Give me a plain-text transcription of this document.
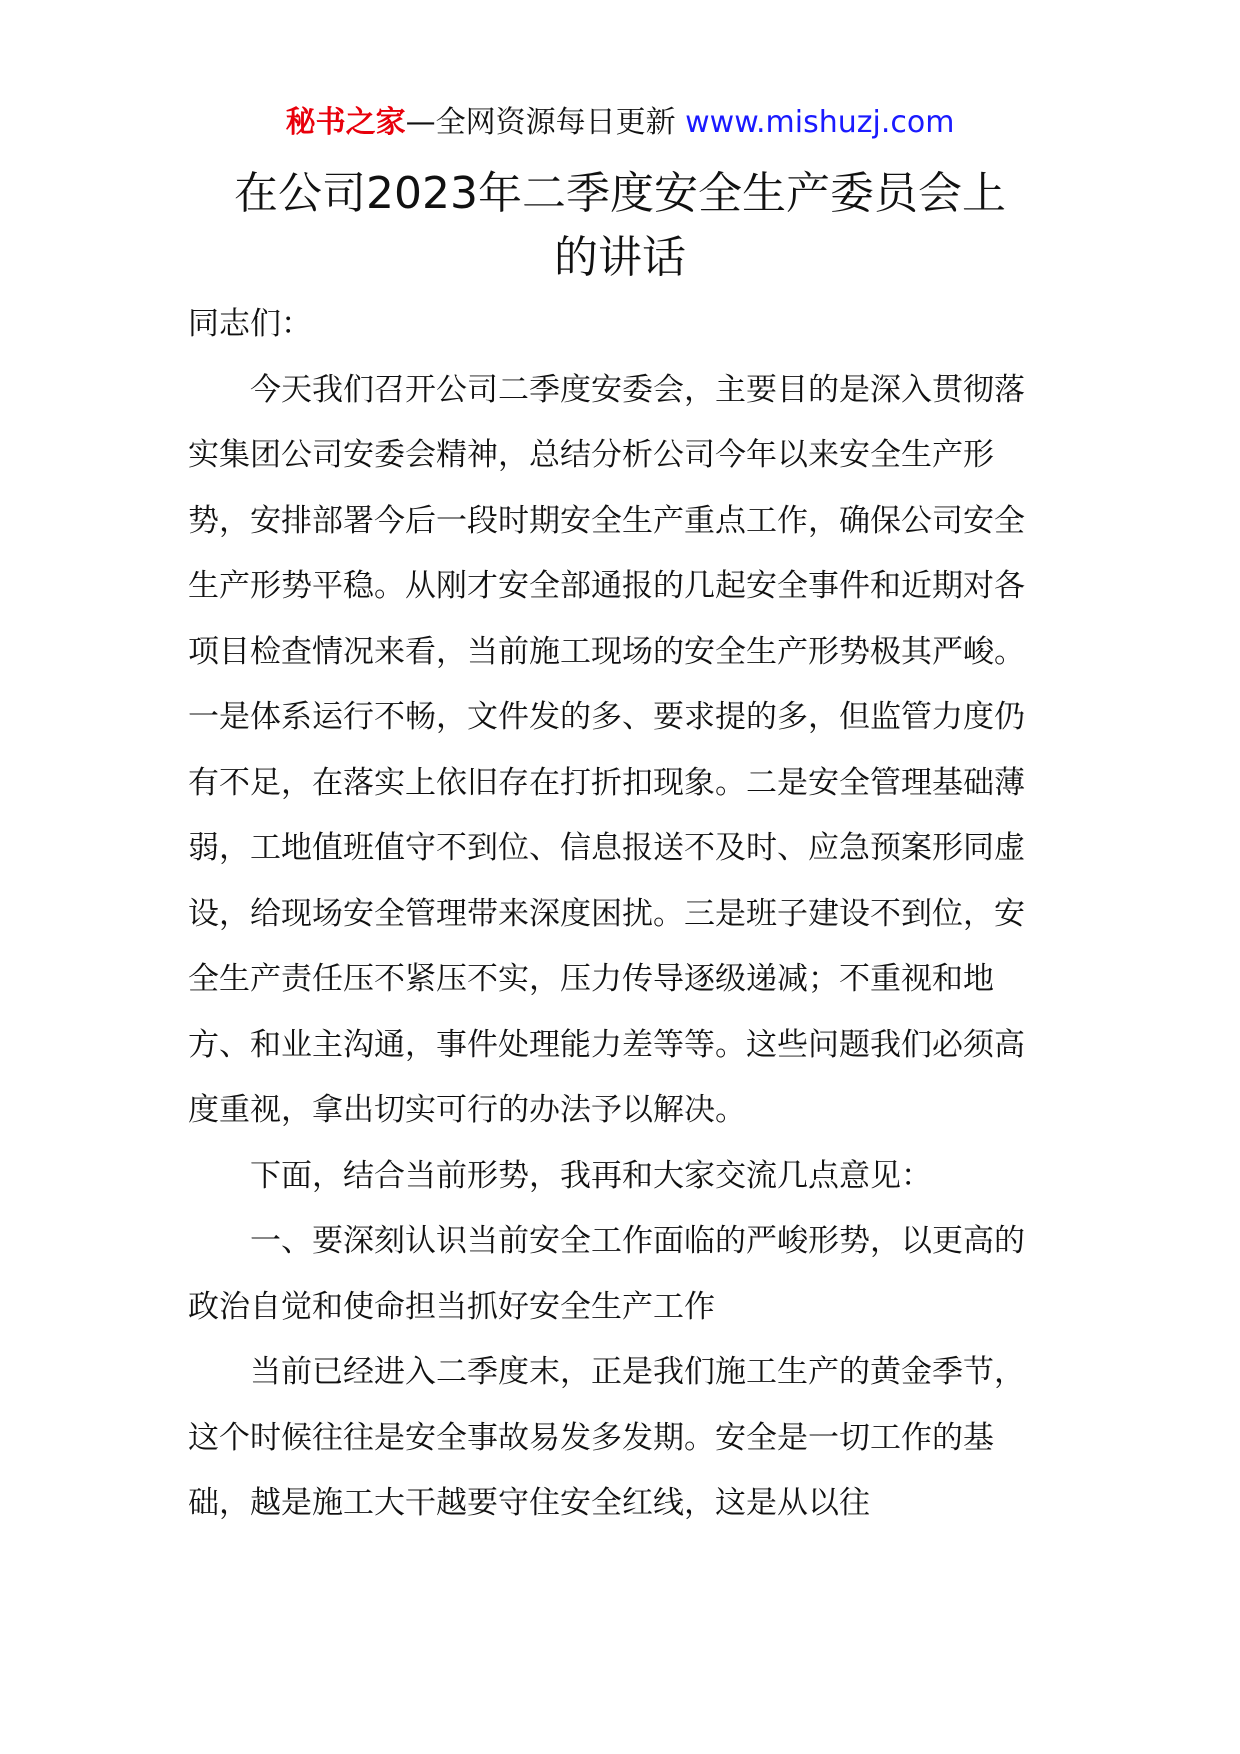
秘书之家—全网资源每日更新 www.mishuzj.com
在公司2023年二季度安全生产委员会上
的讲话

同志们：

今天我们召开公司二季度安委会，主要目的是深入贯彻落实集团公司安委会精神，总结分析公司今年以来安全生产形势，安排部署今后一段时期安全生产重点工作，确保公司安全生产形势平稳。从刚才安全部通报的几起安全事件和近期对各项目检查情况来看，当前施工现场的安全生产形势极其严峻。一是体系运行不畅，文件发的多、要求提的多，但监管力度仍有不足，在落实上依旧存在打折扣现象。二是安全管理基础薄弱，工地值班值守不到位、信息报送不及时、应急预案形同虚设，给现场安全管理带来深度困扰。三是班子建设不到位，安全生产责任压不紧压不实，压力传导逐级递减；不重视和地方、和业主沟通，事件处理能力差等等。这些问题我们必须高度重视，拿出切实可行的办法予以解决。

下面，结合当前形势，我再和大家交流几点意见：

一、要深刻认识当前安全工作面临的严峻形势，以更高的政治自觉和使命担当抓好安全生产工作

当前已经进入二季度末，正是我们施工生产的黄金季节，这个时候往往是安全事故易发多发期。安全是一切工作的基础，越是施工大干越要守住安全红线，这是从以往
